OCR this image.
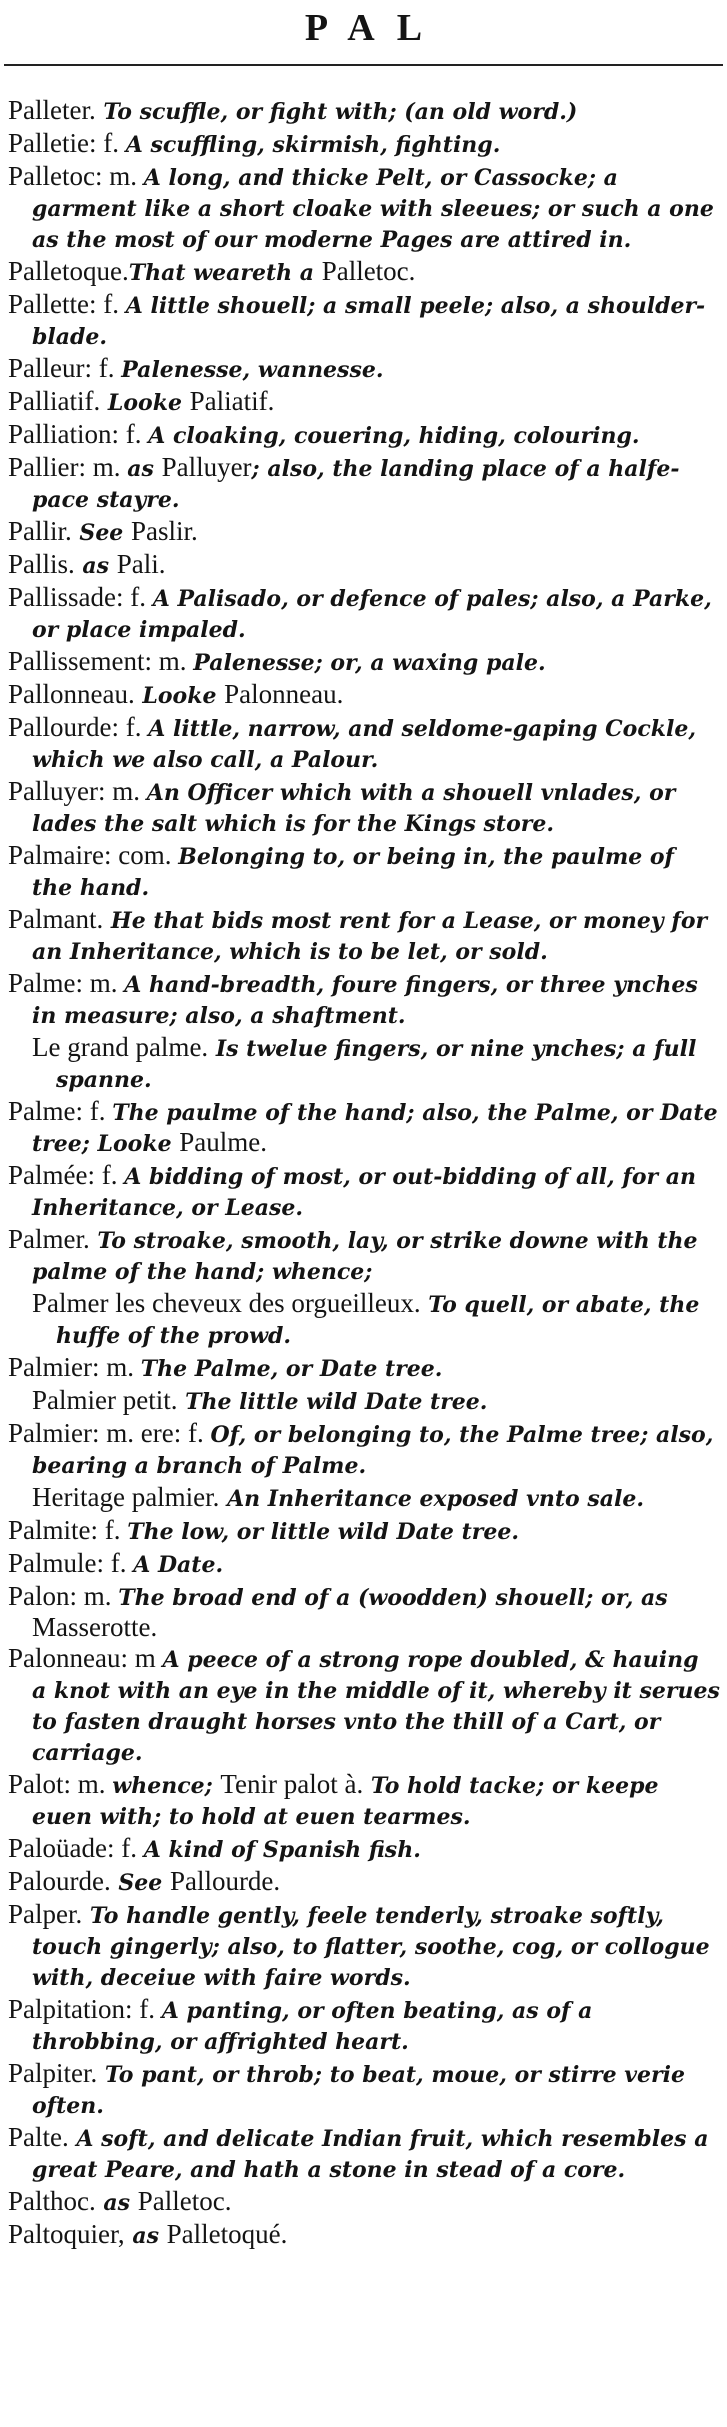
PAL

Palleter. To scuffle, or fight with; (an old word.)

Palletie: f. A scuffling, skirmish, fighting.

Palletoc: m. A long, and thicke Pelt, or Cassocke; a garment like a short cloake with sleeues; or such a one as the most of our moderne Pages are attired in.

Palletoque.That weareth a Palletoc.

Pallette: f. A little shouell; a small peele; also, a shoulder-blade.

Palleur: f. Palenesse, wannesse.

Palliatif. Looke Paliatif.

Palliation: f. A cloaking, couering, hiding, colouring.

Pallier: m. as Palluyer; also, the landing place of a halfe-pace stayre.

Pallir. See Paslir.

Pallis. as Pali.

Pallissade: f. A Palisado, or defence of pales; also, a Parke, or place impaled.

Pallissement: m. Palenesse; or, a waxing pale.

Pallonneau. Looke Palonneau.

Pallourde: f. A little, narrow, and seldome-gaping Cockle, which we also call, a Palour.

Palluyer: m. An Officer which with a shouell vnlades, or lades the salt which is for the Kings store.

Palmaire: com. Belonging to, or being in, the paulme of the hand.

Palmant. He that bids most rent for a Lease, or money for an Inheritance, which is to be let, or sold.

Palme: m. A hand-breadth, foure fingers, or three ynches in measure; also, a shaftment.

Le grand palme. Is twelue fingers, or nine ynches; a full spanne.

Palme: f. The paulme of the hand; also, the Palme, or Date tree; Looke Paulme.

Palmée: f. A bidding of most, or out-bidding of all, for an Inheritance, or Lease.

Palmer. To stroake, smooth, lay, or strike downe with the palme of the hand; whence;

Palmer les cheveux des orgueilleux. To quell, or abate, the huffe of the prowd.

Palmier: m. The Palme, or Date tree.

Palmier petit. The little wild Date tree.

Palmier: m. ere: f. Of, or belonging to, the Palme tree; also, bearing a branch of Palme.

Heritage palmier. An Inheritance exposed vnto sale.

Palmite: f. The low, or little wild Date tree.

Palmule: f. A Date.

Palon: m. The broad end of a (woodden) shouell; or, as Masserotte.

Palonneau: m A peece of a strong rope doubled, & hauing a knot with an eye in the middle of it, whereby it serues to fasten draught horses vnto the thill of a Cart, or carriage.

Palot: m. whence; Tenir palot à. To hold tacke; or keepe euen with; to hold at euen tearmes.

Paloüade: f. A kind of Spanish fish.

Palourde. See Pallourde.

Palper. To handle gently, feele tenderly, stroake softly, touch gingerly; also, to flatter, soothe, cog, or collogue with, deceiue with faire words.

Palpitation: f. A panting, or often beating, as of a throbbing, or affrighted heart.

Palpiter. To pant, or throb; to beat, moue, or stirre verie often.

Palte. A soft, and delicate Indian fruit, which resembles a great Peare, and hath a stone in stead of a core.

Palthoc. as Palletoc.

Paltoquier, as Palletoqué.
